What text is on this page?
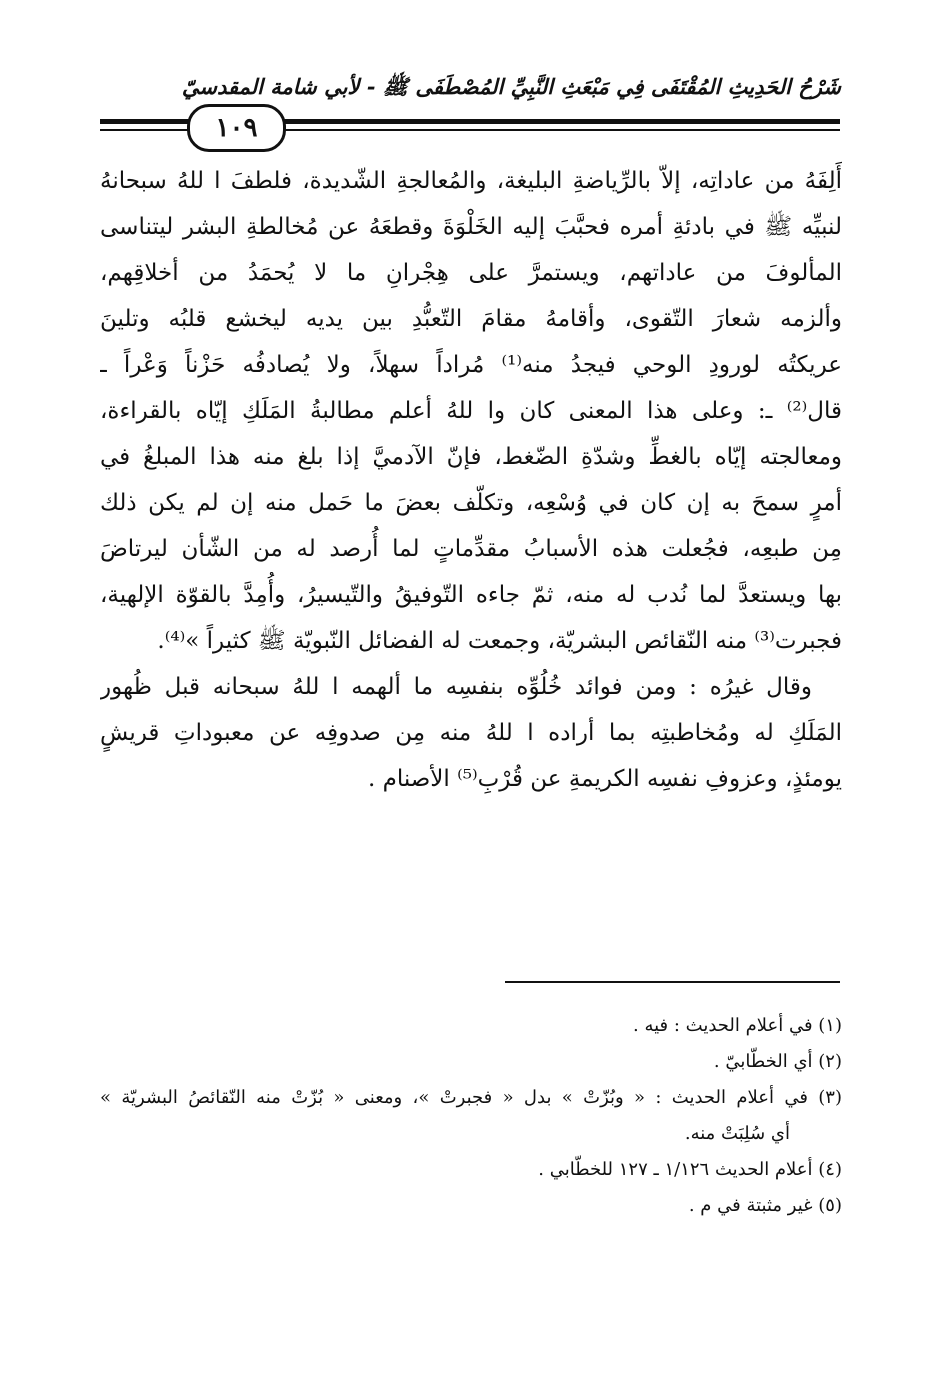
شَرْحُ الحَدِيثِ المُقْتَفَى فِي مَبْعَثِ النَّبِيِّ المُصْطَفَى ﷺ - لأبي شامة المقدسيّ
١٠٩
أَلِفَهُ من عاداتِه، إلاّ بالرِّياضةِ البليغة، والمُعالجةِ الشّديدة، فلطفَ ا للهُ سبحانهُ
لنبيِّه ﷺ في بادئةِ أمره فحبَّبَ إليه الخَلْوَةَ وقطعَهُ عن مُخالطةِ البشر ليتناسى
المألوفَ من عاداتهم، ويستمرَّ على هِجْرانِ ما لا يُحمَدُ من أخلاقِهم،
وألزمه شعارَ التّقوى، وأقامهُ مقامَ التّعبُّدِ بين يديه ليخشع قلبُه وتلينَ
عريكتُه لورودِ الوحي فيجدُ منه⁽¹⁾ مُراداً سهلاً، ولا يُصادفُه حَزْناً وَعْراً ـ
قال⁽²⁾ ـ: وعلى هذا المعنى كان وا للهُ أعلم مطالبةُ المَلَكِ إيّاه بالقراءة،
ومعالجته إيّاه بالغطِّ وشدّةِ الضّغط، فإنّ الآدميَّ إذا بلغ منه هذا المبلغُ في
أمرٍ سمحَ به إن كان في وُسْعِه، وتكلّف بعضَ ما حَمل منه إن لم يكن ذلك
مِن طبعِه، فجُعلت هذه الأسبابُ مقدِّماتٍ لما أُرصد له من الشّأن ليرتاضَ
بها ويستعدَّ لما نُدب له منه، ثمّ جاءه التّوفيقُ والتّيسيرُ، وأُمِدَّ بالقوّة الإلهية،
فجبرت⁽³⁾ منه النّقائص البشريّة، وجمعت له الفضائل النّبويّة ﷺ كثيراً »⁽⁴⁾.
وقال غيرُه : ومن فوائد خُلُوِّه بنفسِه ما ألهمه ا للهُ سبحانه قبل ظُهور
المَلَكِ له ومُخاطبتِه بما أراده ا للهُ منه مِن صدوفِه عن معبوداتِ قريشٍ
يومئذٍ، وعزوفِ نفسِه الكريمةِ عن قُرْبِ⁽⁵⁾ الأصنام .
(١) في أعلام الحديث : فيه .
(٢) أي الخطّابيّ .
(٣) في أعلام الحديث : « وبُزّتْ » بدل « فجبرتْ »، ومعنى « بُزّتْ منه النّقائصُ البشريّة »
أي سُلِبَتْ منه.
(٤) أعلام الحديث ١/١٢٦ ـ ١٢٧ للخطّابي .
(٥) غير مثبتة في م .
